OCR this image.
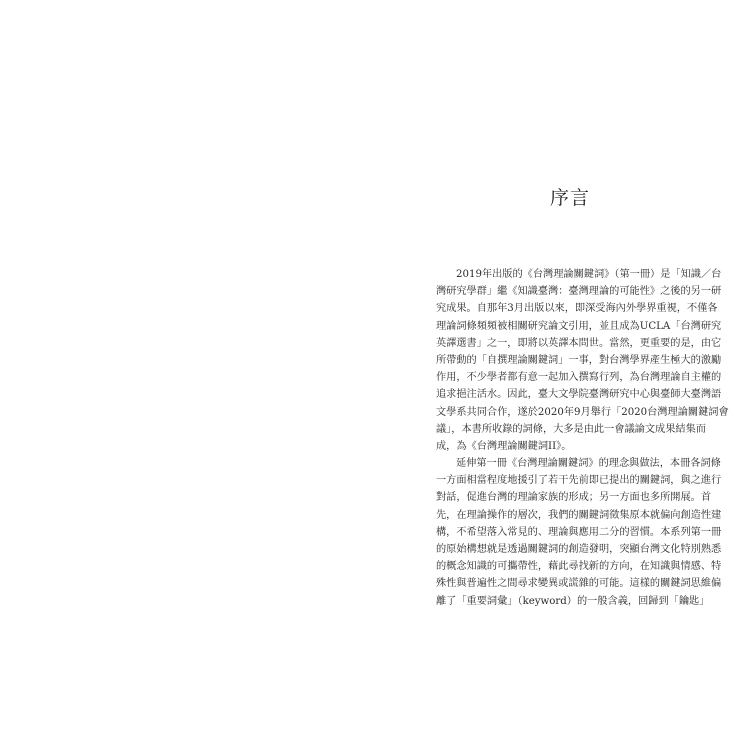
序言
2019年出版的《台灣理論關鍵詞》（第一冊）是「知識／台
灣研究學群」繼《知識臺灣：臺灣理論的可能性》之後的另一研
究成果。自那年3月出版以來，即深受海內外學界重視，不僅各
理論詞條頻頻被相關研究論文引用，並且成為UCLA「台灣研究
英譯選書」之一，即將以英譯本問世。當然，更重要的是，由它
所帶動的「自撰理論關鍵詞」一事，對台灣學界產生極大的激勵
作用，不少學者都有意一起加入撰寫行列，為台灣理論自主權的
追求挹注活水。因此，臺大文學院臺灣研究中心與臺師大臺灣語
文學系共同合作，遂於2020年9月舉行「2020台灣理論關鍵詞會
議」，本書所收錄的詞條，大多是由此一會議論文成果結集而
成，為《台灣理論關鍵詞II》。
延伸第一冊《台灣理論關鍵詞》的理念與做法，本冊各詞條
一方面相當程度地援引了若干先前即已提出的關鍵詞，與之進行
對話，促進台灣的理論家族的形成；另一方面也多所開展。首
先，在理論操作的層次，我們的關鍵詞徵集原本就偏向創造性建
構，不希望落入常見的、理論與應用二分的習慣。本系列第一冊
的原始構想就是透過關鍵詞的創造發明，突顯台灣文化特別熟悉
的概念知識的可攜帶性，藉此尋找新的方向，在知識與情感、特
殊性與普遍性之間尋求變異或謊雜的可能。這樣的關鍵詞思維偏
離了「重要詞彙」（keyword）的一般含義，回歸到「鑰匙」
